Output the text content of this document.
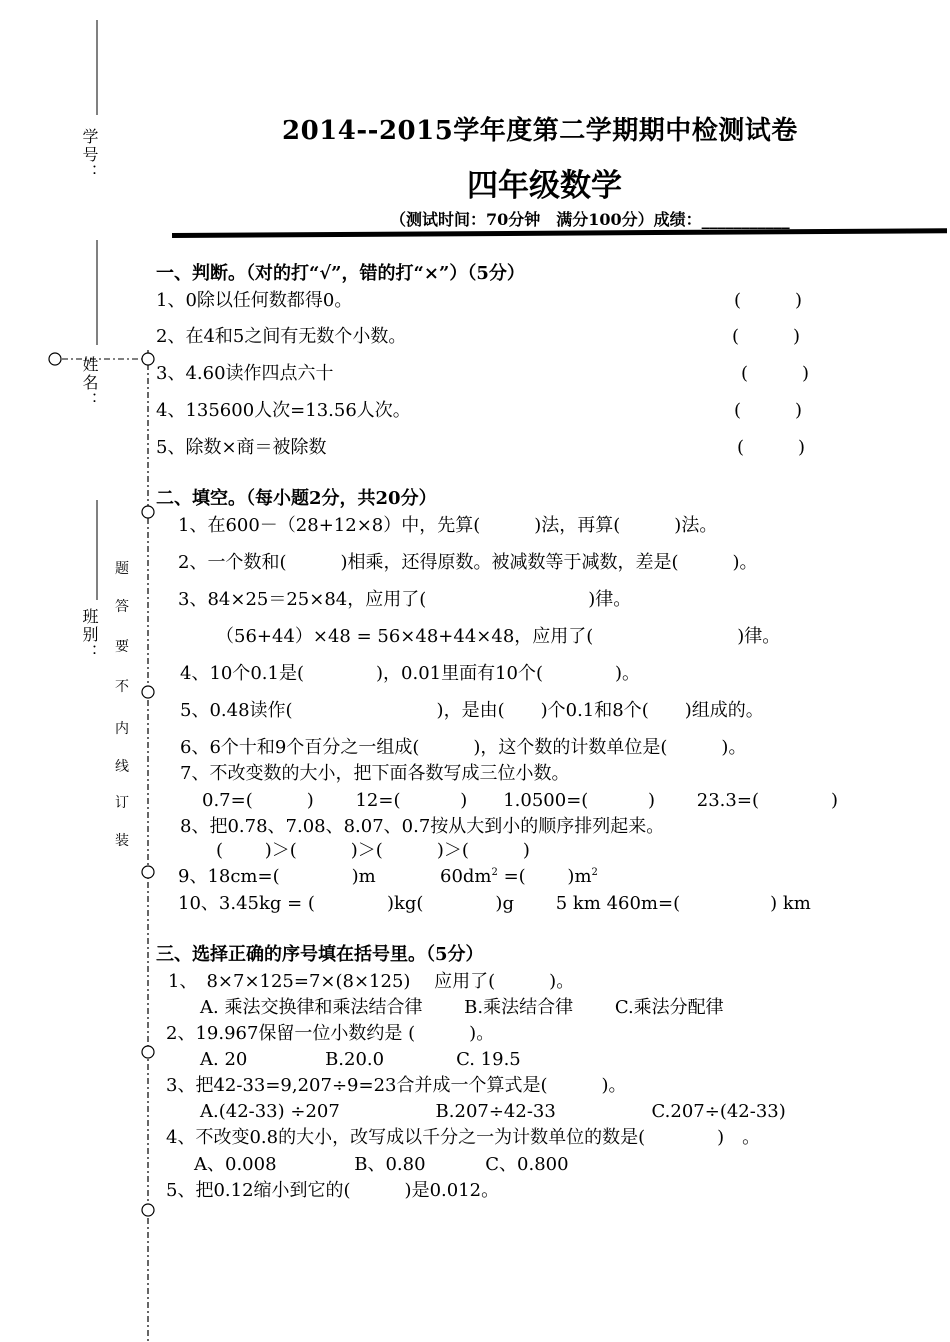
学号：
姓名：
班别：
装
订
线
内
不
要
答
题
2014--2015学年度第二学期期中检测试卷
四年级数学
（测试时间：70分钟　满分100分）成绩：___________
一、判断。（对的打“√”，错的打“×”）（5分）
1、0除以任何数都得0。	(　　　)
2、在4和5之间有无数个小数。	(　　　)
3、4.60读作四点六十	(　　　)
4、135600人次=13.56人次。	(　　　)
5、除数×商＝被除数	(　　　)
二、填空。（每小题2分，共20分）
1、在600－（28+12×8）中，先算(　　　)法，再算(　　　)法。
2、一个数和(　　　)相乘，还得原数。被减数等于减数，差是(　　　)。
3、84×25＝25×84，应用了(　　　　　　　　　)律。
（56+44）×48 = 56×48+44×48，应用了(　　　　　　　　)律。
4、10个0.1是(　　　　)，0.01里面有10个(　　　　)。
5、0.48读作(　　　　　　　　)，是由(　　)个0.1和8个(　　)组成的。
6、6个十和9个百分之一组成(　　　)，这个数的计数单位是(　　　)。
7、不改变数的大小，把下面各数写成三位小数。
0.7=(　　　)　　 12=(　　　 )　　1.0500=(　　　 )　　 23.3=(　　　　)
8、把0.78、7.08、8.07、0.7按从大到小的顺序排列起来。
(　　 )＞(　　　)＞(　　　)＞(　　　)
9、18cm=(　　　　)m	$60dm^2$ =(　　 )$m^2$
10、3.45kg = (　　　　)kg(　　　　)g　　 5 km 460m=(　　　　　) km
三、选择正确的序号填在括号里。（5分）
1、　8×7×125=7×(8×125)　 应用了(　　　)。
A. 乘法交换律和乘法结合律　　 B.乘法结合律　　 C.乘法分配律
2、19.967保留一位小数约是 (　　　)。
A. 20　　　　 B.20.0　　　　C. 19.5
3、把42-33=9,207÷9=23合并成一个算式是(　　　)。
A.(42-33) ÷207　　　　　 B.207÷42-33　　　　　 C.207÷(42-33)
4、不改变0.8的大小，改写成以千分之一为计数单位的数是(　　　　)　。
A、0.008　　　　 B、0.80　　　 C、0.800
5、把0.12缩小到它的(　　　)是0.012。
